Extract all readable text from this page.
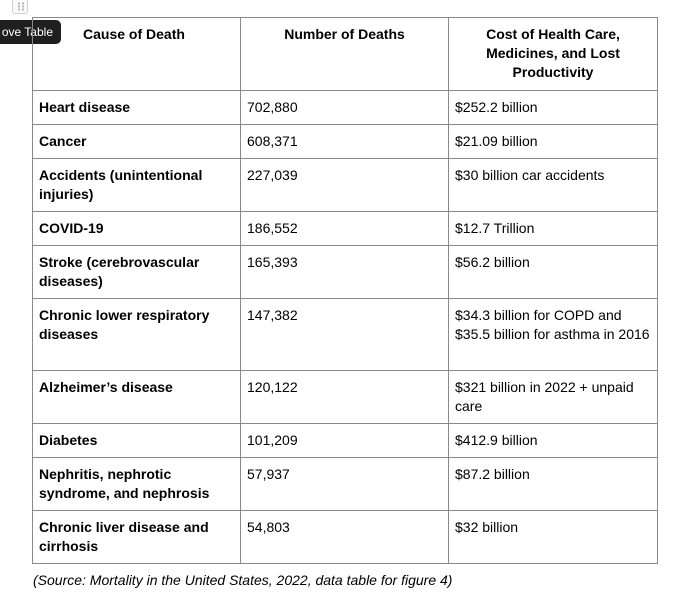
ove Table	Cause of Death	Number of Deaths	Cost of Health Care, Medicines, and Lost Productivity
Heart disease	702,880	$252.2 billion
Cancer	608,371	$21.09 billion
Accidents (unintentional injuries)	227,039	$30 billion car accidents
COVID-19	186,552	$12.7 Trillion
Stroke (cerebrovascular diseases)	165,393	$56.2 billion
Chronic lower respiratory diseases	147,382	$34.3 billion for COPD and $35.5 billion for asthma in 2016
Alzheimer’s disease	120,122	$321 billion in 2022 + unpaid care
Diabetes	101,209	$412.9 billion
Nephritis, nephrotic syndrome, and nephrosis	57,937	$87.2 billion
Chronic liver disease and cirrhosis	54,803	$32 billion
(Source: Mortality in the United States, 2022, data table for figure 4)
